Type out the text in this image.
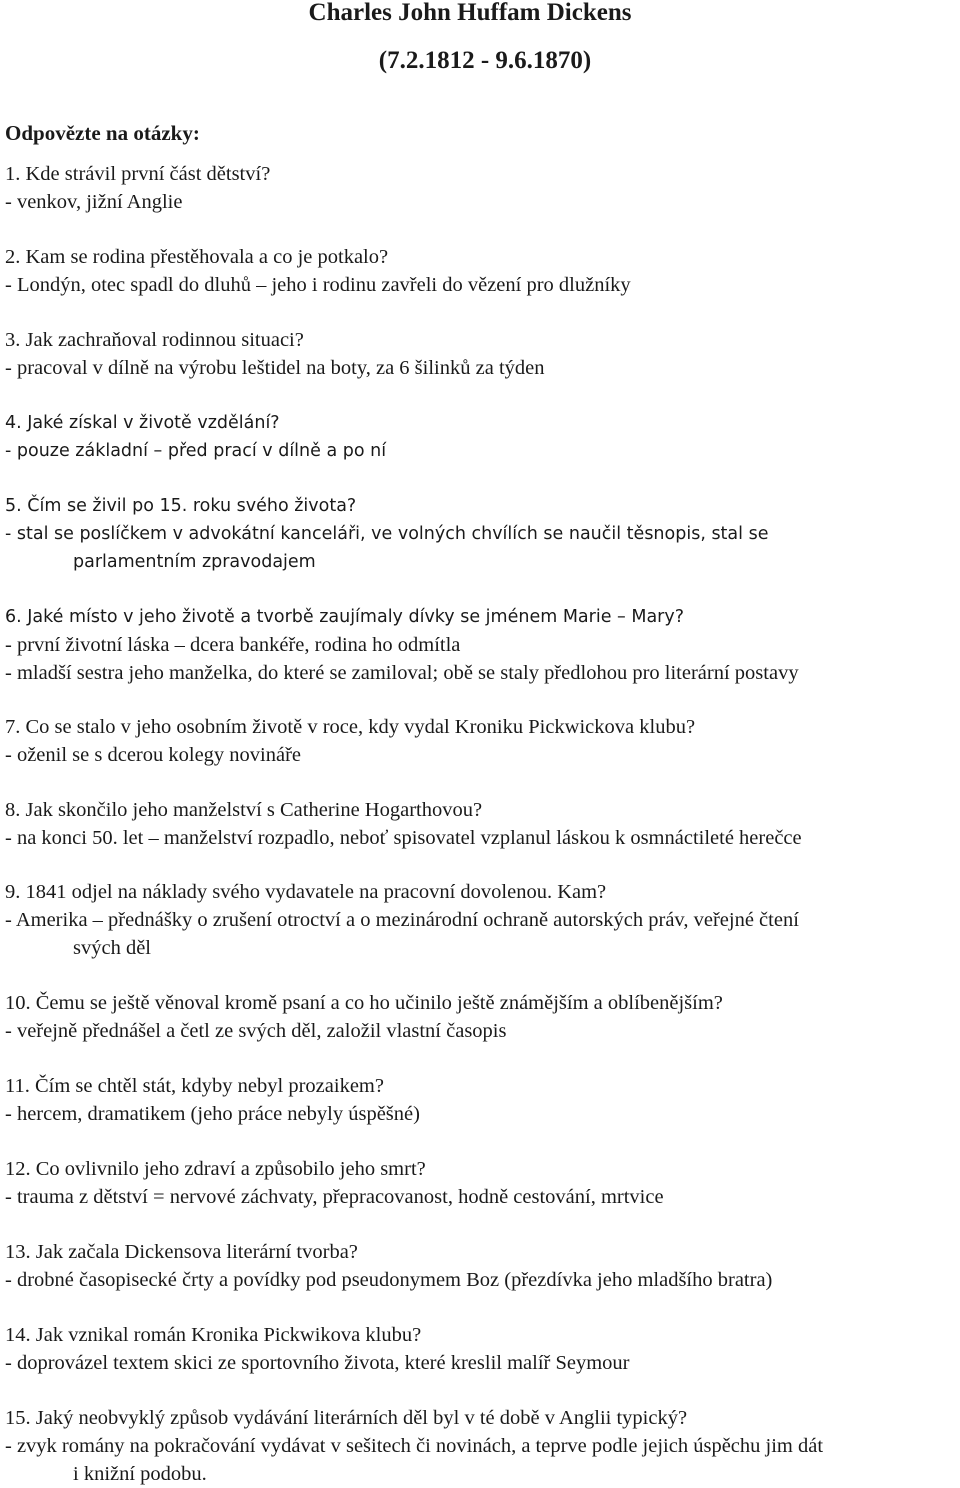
Charles John Huffam Dickens
(7.2.1812 - 9.6.1870)
Odpovězte na otázky:
1. Kde strávil první část dětství?
- venkov, jižní Anglie
2. Kam se rodina přestěhovala a co je potkalo?
- Londýn, otec spadl do dluhů – jeho i rodinu zavřeli do vězení pro dlužníky
3. Jak zachraňoval rodinnou situaci?
- pracoval v dílně na výrobu leštidel na boty, za 6 šilinků za týden
4. Jaké získal v životě vzdělání?
- pouze základní – před prací v dílně a po ní
5. Čím se živil po 15. roku svého života?
- stal se poslíčkem v advokátní kanceláři, ve volných chvílích se naučil těsnopis, stal se
parlamentním zpravodajem
6. Jaké místo v jeho životě a tvorbě zaujímaly dívky se jménem Marie – Mary?
- první životní láska – dcera bankéře, rodina ho odmítla
- mladší sestra jeho manželka, do které se zamiloval; obě se staly předlohou pro literární postavy
7. Co se stalo v jeho osobním životě v roce, kdy vydal Kroniku Pickwickova klubu?
- oženil se s dcerou kolegy novináře
8. Jak skončilo jeho manželství s Catherine Hogarthovou?
- na konci 50. let – manželství rozpadlo, neboť spisovatel vzplanul láskou k osmnáctileté herečce
9. 1841 odjel na náklady svého vydavatele na pracovní dovolenou. Kam?
- Amerika – přednášky o zrušení otroctví a o mezinárodní ochraně autorských práv, veřejné čtení
svých děl
10. Čemu se ještě věnoval kromě psaní a co ho učinilo ještě známějším a oblíbenějším?
- veřejně přednášel a četl ze svých děl, založil vlastní časopis
11. Čím se chtěl stát, kdyby nebyl prozaikem?
- hercem, dramatikem (jeho práce nebyly úspěšné)
12. Co ovlivnilo jeho zdraví a způsobilo jeho smrt?
- trauma z dětství = nervové záchvaty, přepracovanost, hodně cestování, mrtvice
13. Jak začala Dickensova literární tvorba?
- drobné časopisecké črty a povídky pod pseudonymem Boz (přezdívka jeho mladšího bratra)
14. Jak vznikal román Kronika Pickwikova klubu?
- doprovázel textem skici ze sportovního života, které kreslil malíř Seymour
15. Jaký neobvyklý způsob vydávání literárních děl byl v té době v Anglii typický?
- zvyk romány na pokračování vydávat v sešitech či novinách, a teprve podle jejich úspěchu jim dát
i knižní podobu.
